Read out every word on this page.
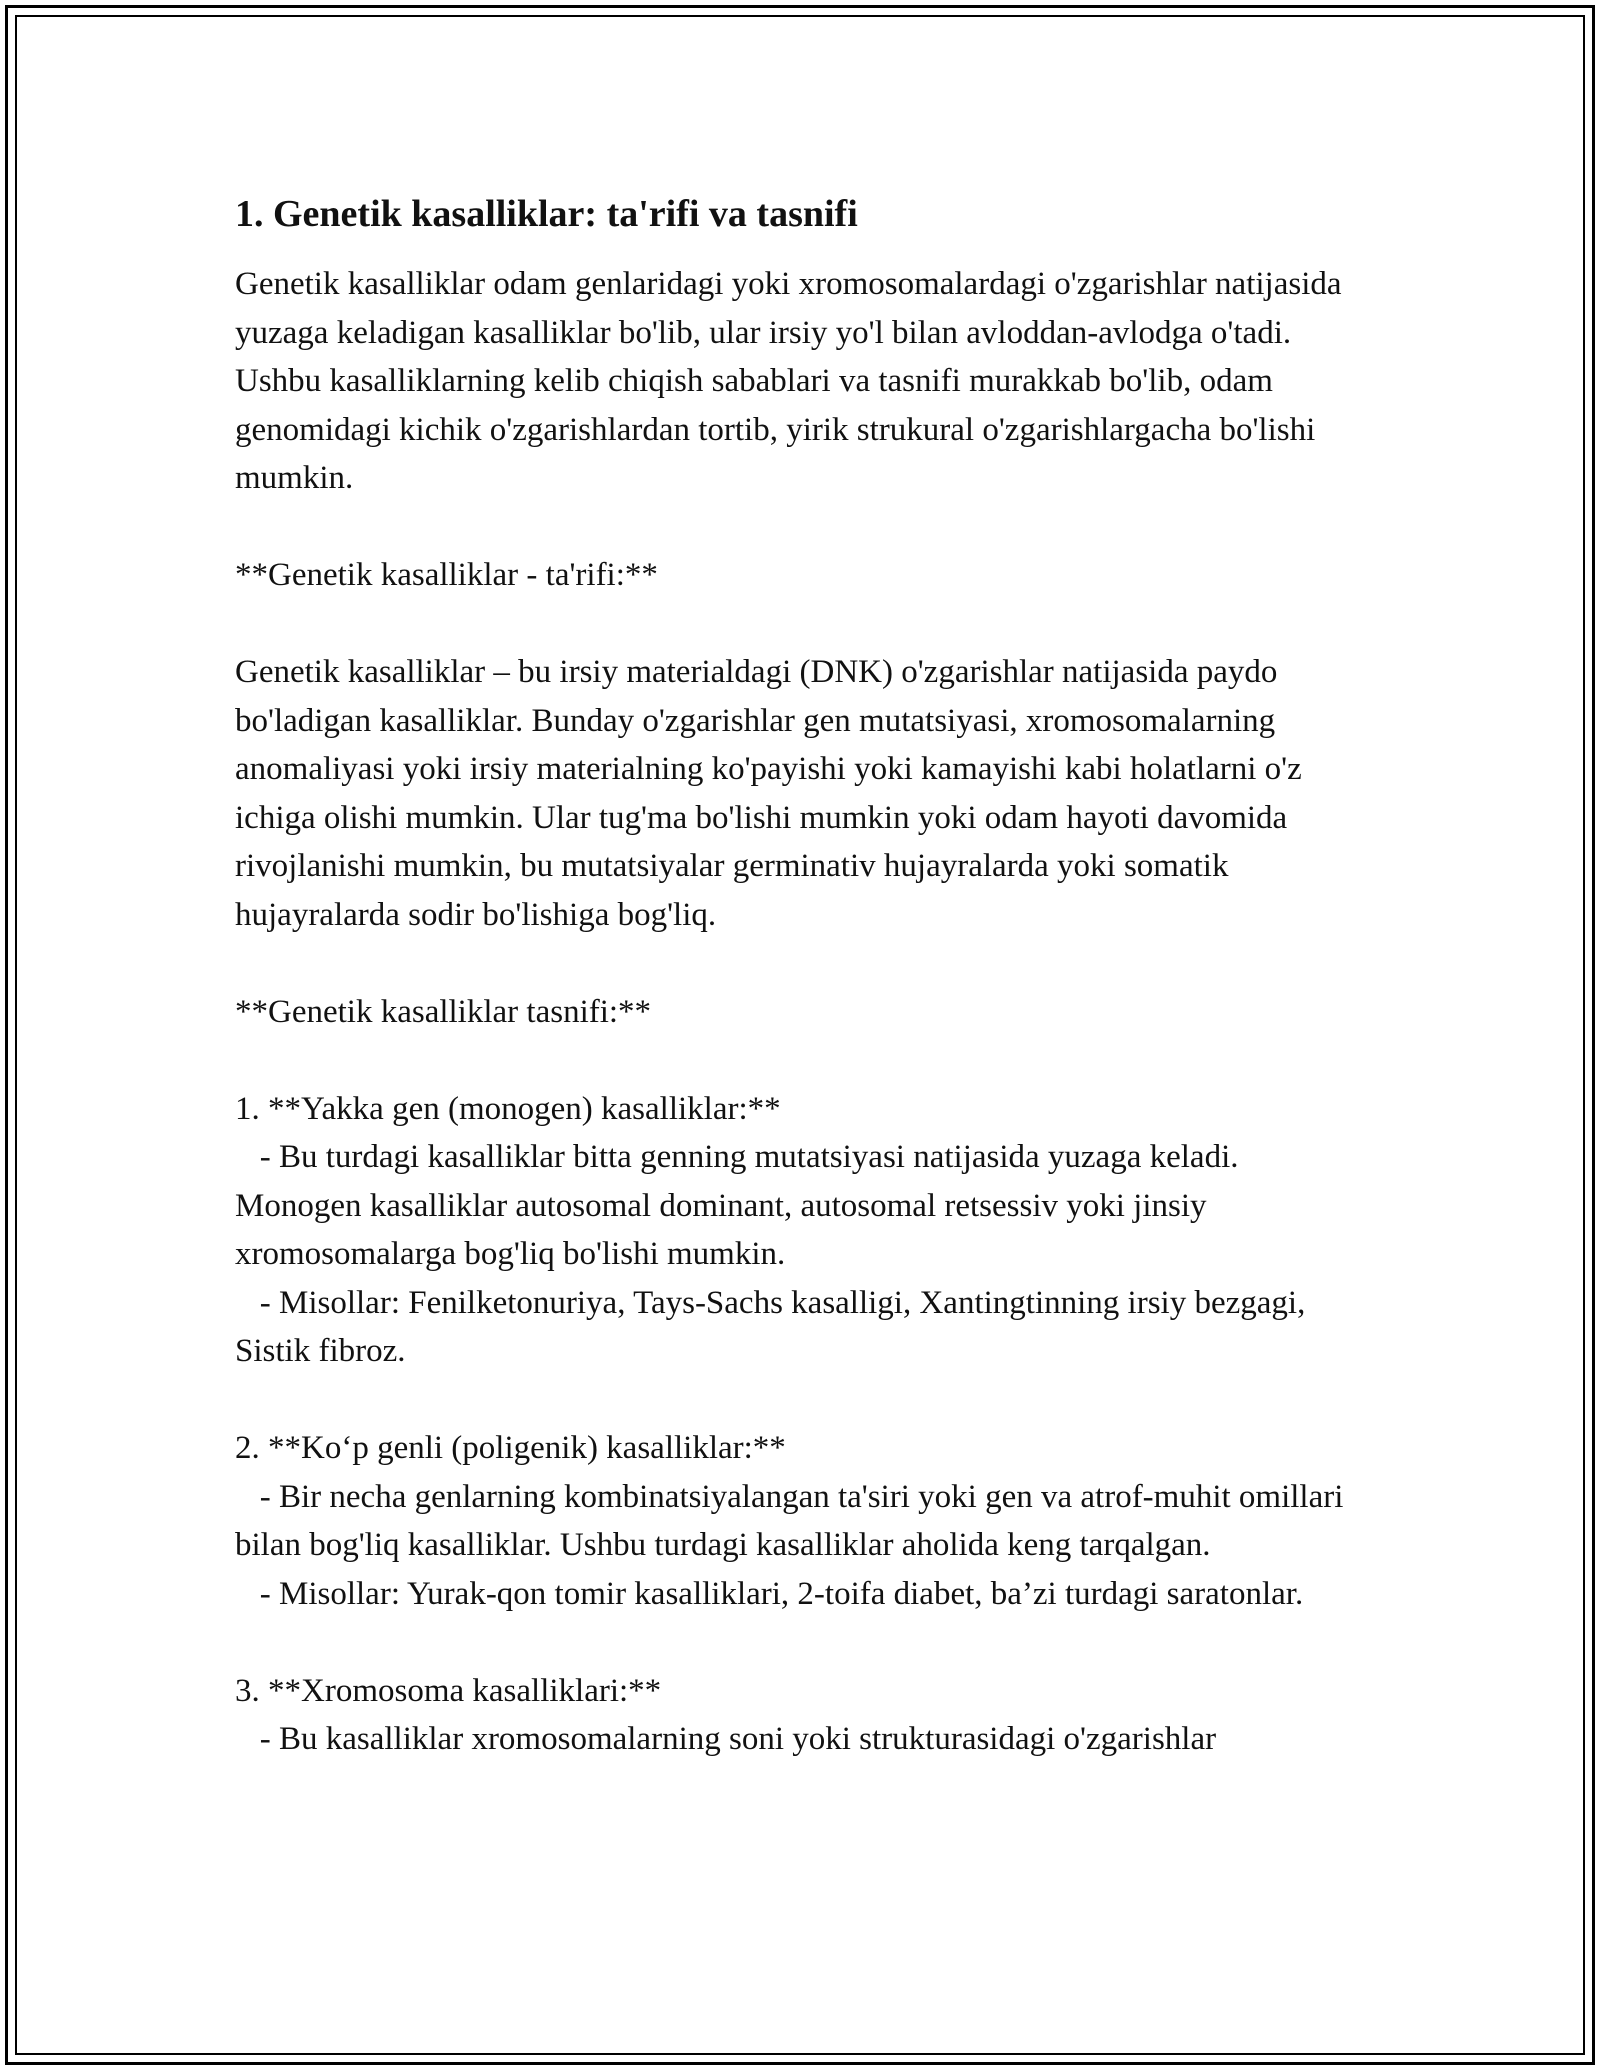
1. Genetik kasalliklar: ta'rifi va tasnifi

Genetik kasalliklar odam genlaridagi yoki xromosomalardagi o'zgarishlar natijasida yuzaga keladigan kasalliklar bo'lib, ular irsiy yo'l bilan avloddan-avlodga o'tadi. Ushbu kasalliklarning kelib chiqish sabablari va tasnifi murakkab bo'lib, odam genomidagi kichik o'zgarishlardan tortib, yirik strukural o'zgarishlargacha bo'lishi mumkin.

**Genetik kasalliklar - ta'rifi:**

Genetik kasalliklar – bu irsiy materialdagi (DNK) o'zgarishlar natijasida paydo bo'ladigan kasalliklar. Bunday o'zgarishlar gen mutatsiyasi, xromosomalarning anomaliyasi yoki irsiy materialning ko'payishi yoki kamayishi kabi holatlarni o'z ichiga olishi mumkin. Ular tug'ma bo'lishi mumkin yoki odam hayoti davomida rivojlanishi mumkin, bu mutatsiyalar germinativ hujayralarda yoki somatik hujayralarda sodir bo'lishiga bog'liq.

**Genetik kasalliklar tasnifi:**

1. **Yakka gen (monogen) kasalliklar:**
- Bu turdagi kasalliklar bitta genning mutatsiyasi natijasida yuzaga keladi. Monogen kasalliklar autosomal dominant, autosomal retsessiv yoki jinsiy xromosomalarga bog'liq bo'lishi mumkin.
- Misollar: Fenilketonuriya, Tays-Sachs kasalligi, Xantingtinning irsiy bezgagi, Sistik fibroz.

2. **Ko‘p genli (poligenik) kasalliklar:**
- Bir necha genlarning kombinatsiyalangan ta'siri yoki gen va atrof-muhit omillari bilan bog'liq kasalliklar. Ushbu turdagi kasalliklar aholida keng tarqalgan.
- Misollar: Yurak-qon tomir kasalliklari, 2-toifa diabet, ba’zi turdagi saratonlar.

3. **Xromosoma kasalliklari:**
- Bu kasalliklar xromosomalarning soni yoki strukturasidagi o'zgarishlar
